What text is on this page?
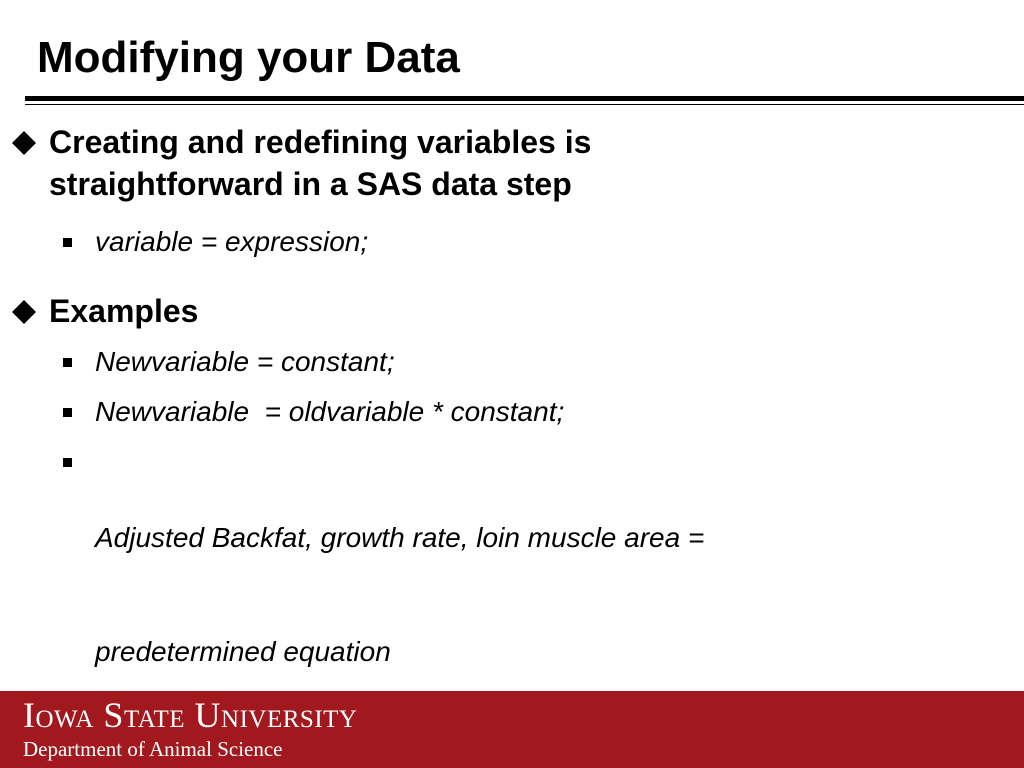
Modifying your Data
Creating and redefining variables is
straightforward in a SAS data step
variable = expression;
Examples
Newvariable = constant;
Newvariable  = oldvariable * constant;

Adjusted Backfat, growth rate, loin muscle area =

predetermined equation

Iowa State University
Department of Animal Science
